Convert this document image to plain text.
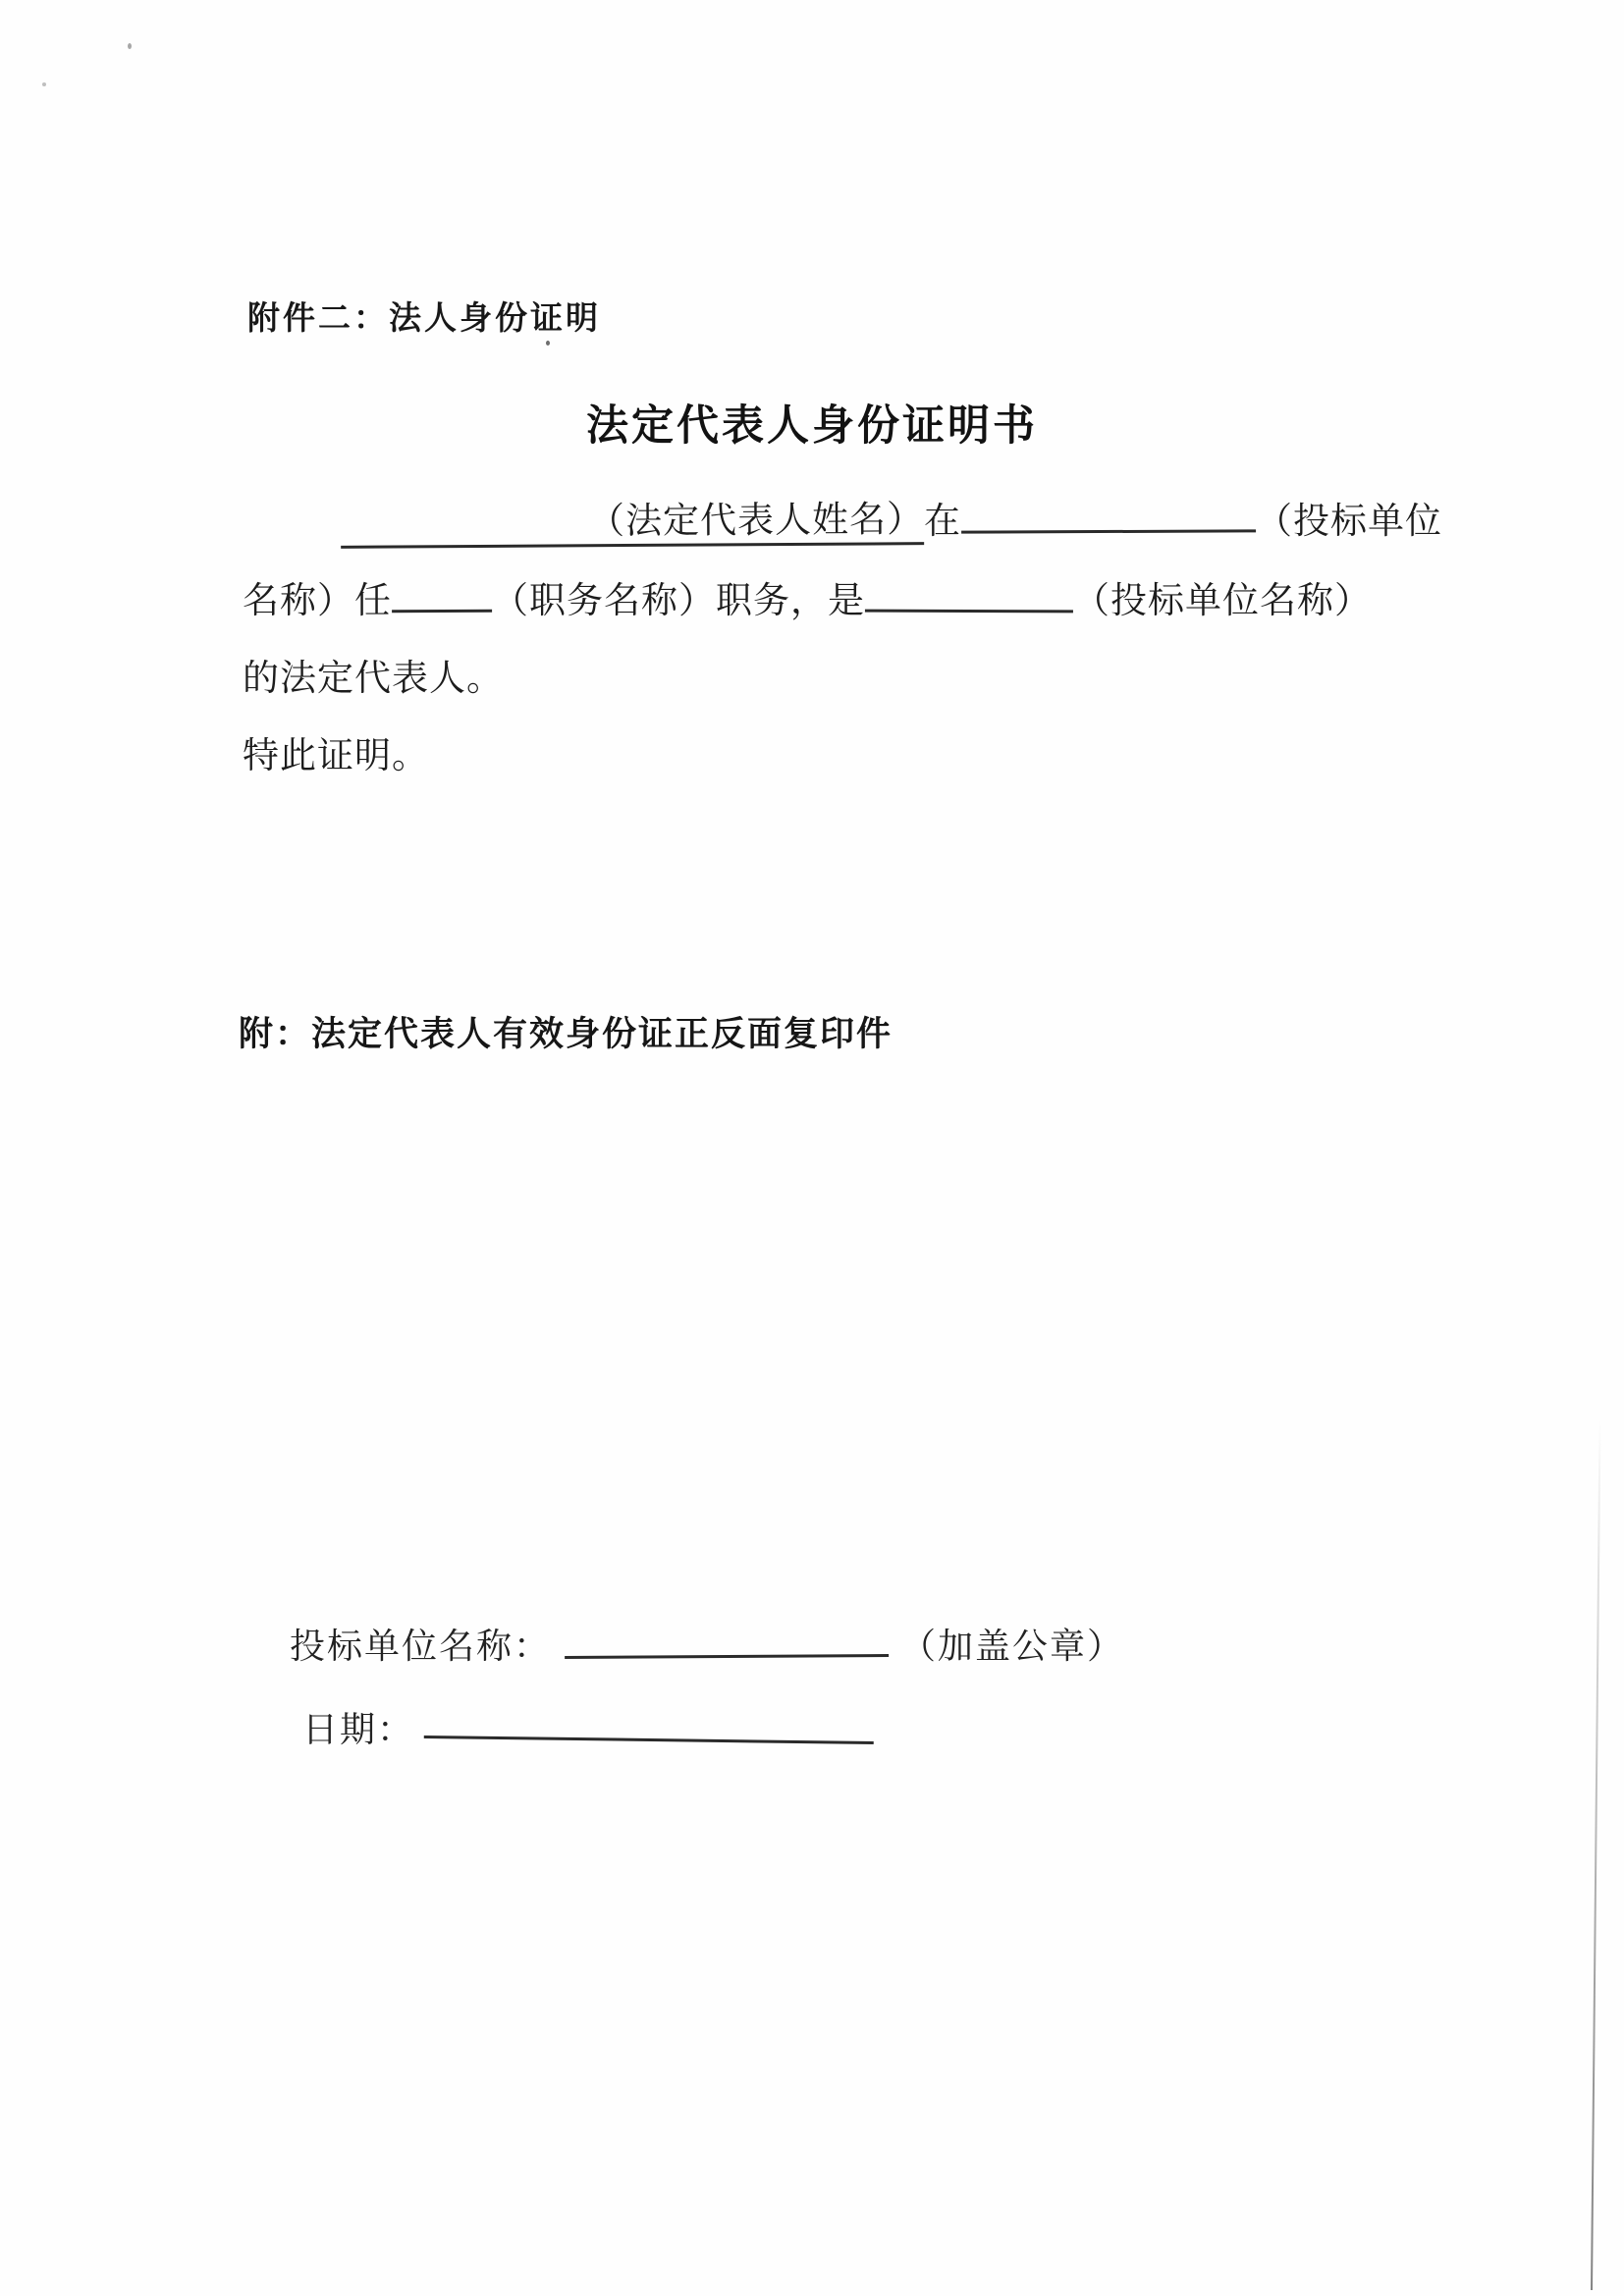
附件二：法人身份证明
法定代表人身份证明书
（法定代表人姓名）在	（投标单位
名称）任	（职务名称）职务，是	（投标单位名称）
的法定代表人。
特此证明。
附：法定代表人有效身份证正反面复印件
投标单位名称：	（加盖公章）
日期：
